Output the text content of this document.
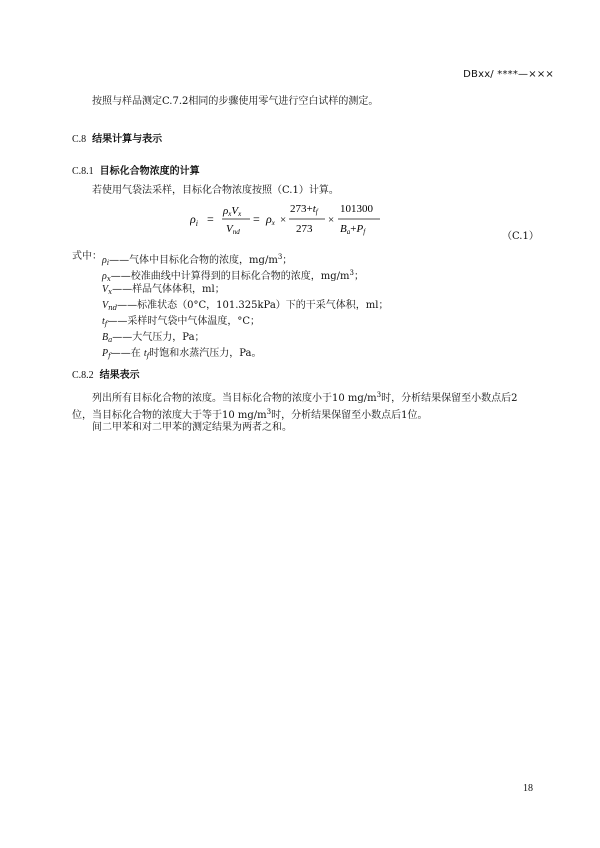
DBxx/ ****—×××
按照与样品测定C.7.2相同的步骤使用零气进行空白试样的测定。
C.8 结果计算与表示
C.8.1 目标化合物浓度的计算
若使用气袋法采样，目标化合物浓度按照（C.1）计算。
$\rho_i$ =
ρxVx
Vnd
= ρx ×
273+tf
273
×
101300
Ba+Pf	（C.1）
式中： $\rho_i——$气体中目标化合物的浓度，$mg/m^3$；
$\rho_x——$校准曲线中计算得到的目标化合物的浓度，$mg/m^3$；
$V_x——$样品气体体积，ml；
$V_{nd}——$标准状态（0°C，101.325kPa）下的干采气体积，ml；
$t_f——$采样时气袋中气体温度，°C；
$B_a——$大气压力，Pa；
$P_f——$在 $t_f$时饱和水蒸汽压力，Pa。
C.8.2 结果表示
列出所有目标化合物的浓度。当目标化合物的浓度小于10 $mg/m^3$时，分析结果保留至小数点后2
位，当目标化合物的浓度大于等于10 $mg/m^3$时，分析结果保留至小数点后1位。
间二甲苯和对二甲苯的测定结果为两者之和。
18
